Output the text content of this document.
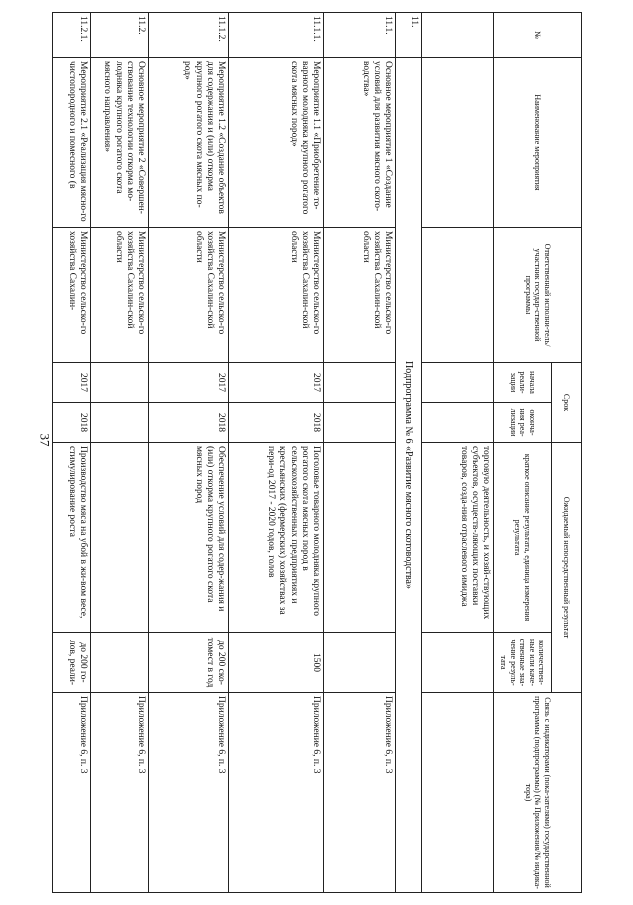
37
№	Наименование мероприятия	Ответственный исполни-тель/ участник государ-ственной программы	Срок		Ожидаемый непосредственный результат		Связь с индикаторами (пока-зателями) государственной программы (подпрограммы) (№ Приложения/№ индика-тора)
			начала реали-зации	оконча-ния реа-лизации	краткое описание результата, единица измерения результата	количествен-ные или каче-ственные зна-чение резуль-тата	
					торговую деятельность, и хозяй-ствующих субъектов, осуществ-ляющих поставки товаров, созда-ния отраслевого имиджа		
11.	Подпрограмма № 6 «Развитие мясного скотоводства»						
11.1.	Основное мероприятие 1 «Создание условий для развития мясного ското-водства»	Министерство сельско-го хозяйства Сахалин-ской области					Приложение 6, п. 3
11.1.1.	Мероприятие 1.1 «Приобретение то-варного молодняка крупного рогатого скота мясных пород»	Министерство сельско-го хозяйства Сахалин-ской области	2017	2018	Поголовье товарного молодняка крупного рогатого скота мясных пород в сельскохозяйственных предприятиях и крестьянских (фермерских) хозяйствах за пери-од 2017 - 2020 годов, голов	1500	Приложение 6, п. 3
11.1.2.	Мероприятие 1.2 «Создание объектов для содержания и (или) откорма крупного рогатого скота мясных по-род»	Министерство сельско-го хозяйства Сахалин-ской области	2017	2018	Обеспечение условий для содер-жания и (или) откорма крупного рогатого скота мясных пород	до 200 ско-томест в год	Приложение 6, п. 3
11.2.	Основное мероприятие 2 «Совершен-ствование технологии откорма мо-лодняка крупного рогатого скота мясного направления»	Министерство сельско-го хозяйства Сахалин-ской области					Приложение 6, п. 3
11.2.1.	Мероприятие 2.1 «Реализация мясно-го чистопородного и помесного (в	Министерство сельско-го хозяйства Сахалин-	2017	2018	Производство мяса на убой в жи-вом весе, стимулирование роста	до 200 го-лов, реали-	Приложение 6, п. 3
